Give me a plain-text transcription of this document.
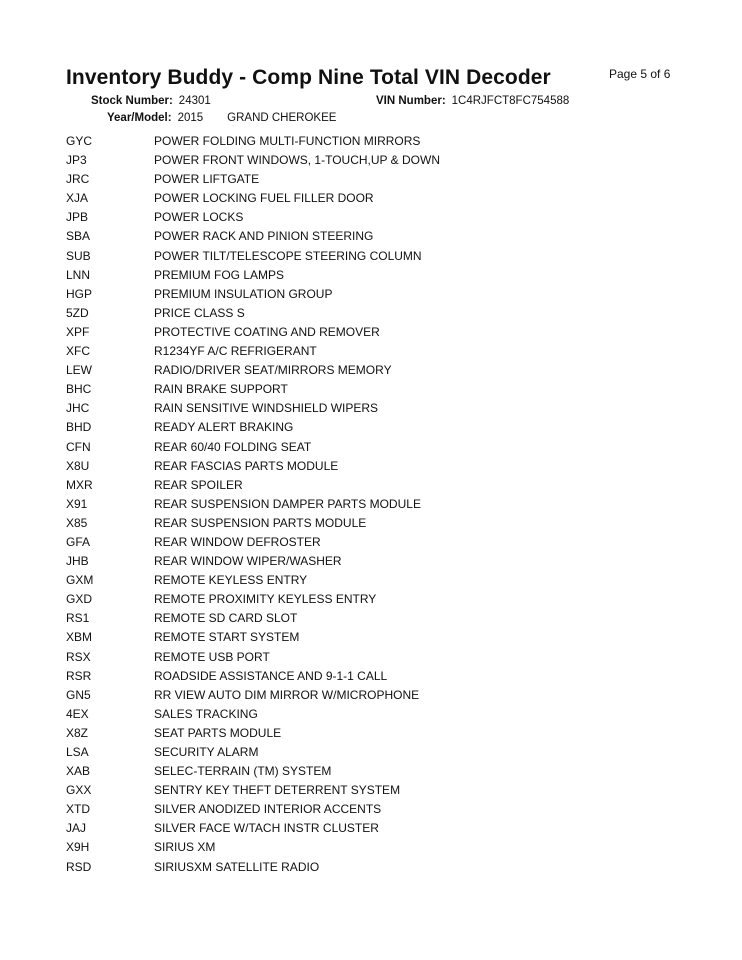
Inventory Buddy - Comp Nine Total VIN Decoder	Page 5 of 6
Stock Number: 24301	VIN Number: 1C4RJFCT8FC754588
Year/Model: 2015 GRAND CHEROKEE
GYC	POWER FOLDING MULTI-FUNCTION MIRRORS
JP3	POWER FRONT WINDOWS, 1-TOUCH,UP & DOWN
JRC	POWER LIFTGATE
XJA	POWER LOCKING FUEL FILLER DOOR
JPB	POWER LOCKS
SBA	POWER RACK AND PINION STEERING
SUB	POWER TILT/TELESCOPE STEERING COLUMN
LNN	PREMIUM FOG LAMPS
HGP	PREMIUM INSULATION GROUP
5ZD	PRICE CLASS S
XPF	PROTECTIVE COATING AND REMOVER
XFC	R1234YF A/C REFRIGERANT
LEW	RADIO/DRIVER SEAT/MIRRORS MEMORY
BHC	RAIN BRAKE SUPPORT
JHC	RAIN SENSITIVE WINDSHIELD WIPERS
BHD	READY ALERT BRAKING
CFN	REAR 60/40 FOLDING SEAT
X8U	REAR FASCIAS PARTS MODULE
MXR	REAR SPOILER
X91	REAR SUSPENSION DAMPER PARTS MODULE
X85	REAR SUSPENSION PARTS MODULE
GFA	REAR WINDOW DEFROSTER
JHB	REAR WINDOW WIPER/WASHER
GXM	REMOTE KEYLESS ENTRY
GXD	REMOTE PROXIMITY KEYLESS ENTRY
RS1	REMOTE SD CARD SLOT
XBM	REMOTE START SYSTEM
RSX	REMOTE USB PORT
RSR	ROADSIDE ASSISTANCE AND 9-1-1 CALL
GN5	RR VIEW AUTO DIM MIRROR W/MICROPHONE
4EX	SALES TRACKING
X8Z	SEAT PARTS MODULE
LSA	SECURITY ALARM
XAB	SELEC-TERRAIN (TM) SYSTEM
GXX	SENTRY KEY THEFT DETERRENT SYSTEM
XTD	SILVER ANODIZED INTERIOR ACCENTS
JAJ	SILVER FACE W/TACH INSTR CLUSTER
X9H	SIRIUS XM
RSD	SIRIUSXM SATELLITE RADIO
